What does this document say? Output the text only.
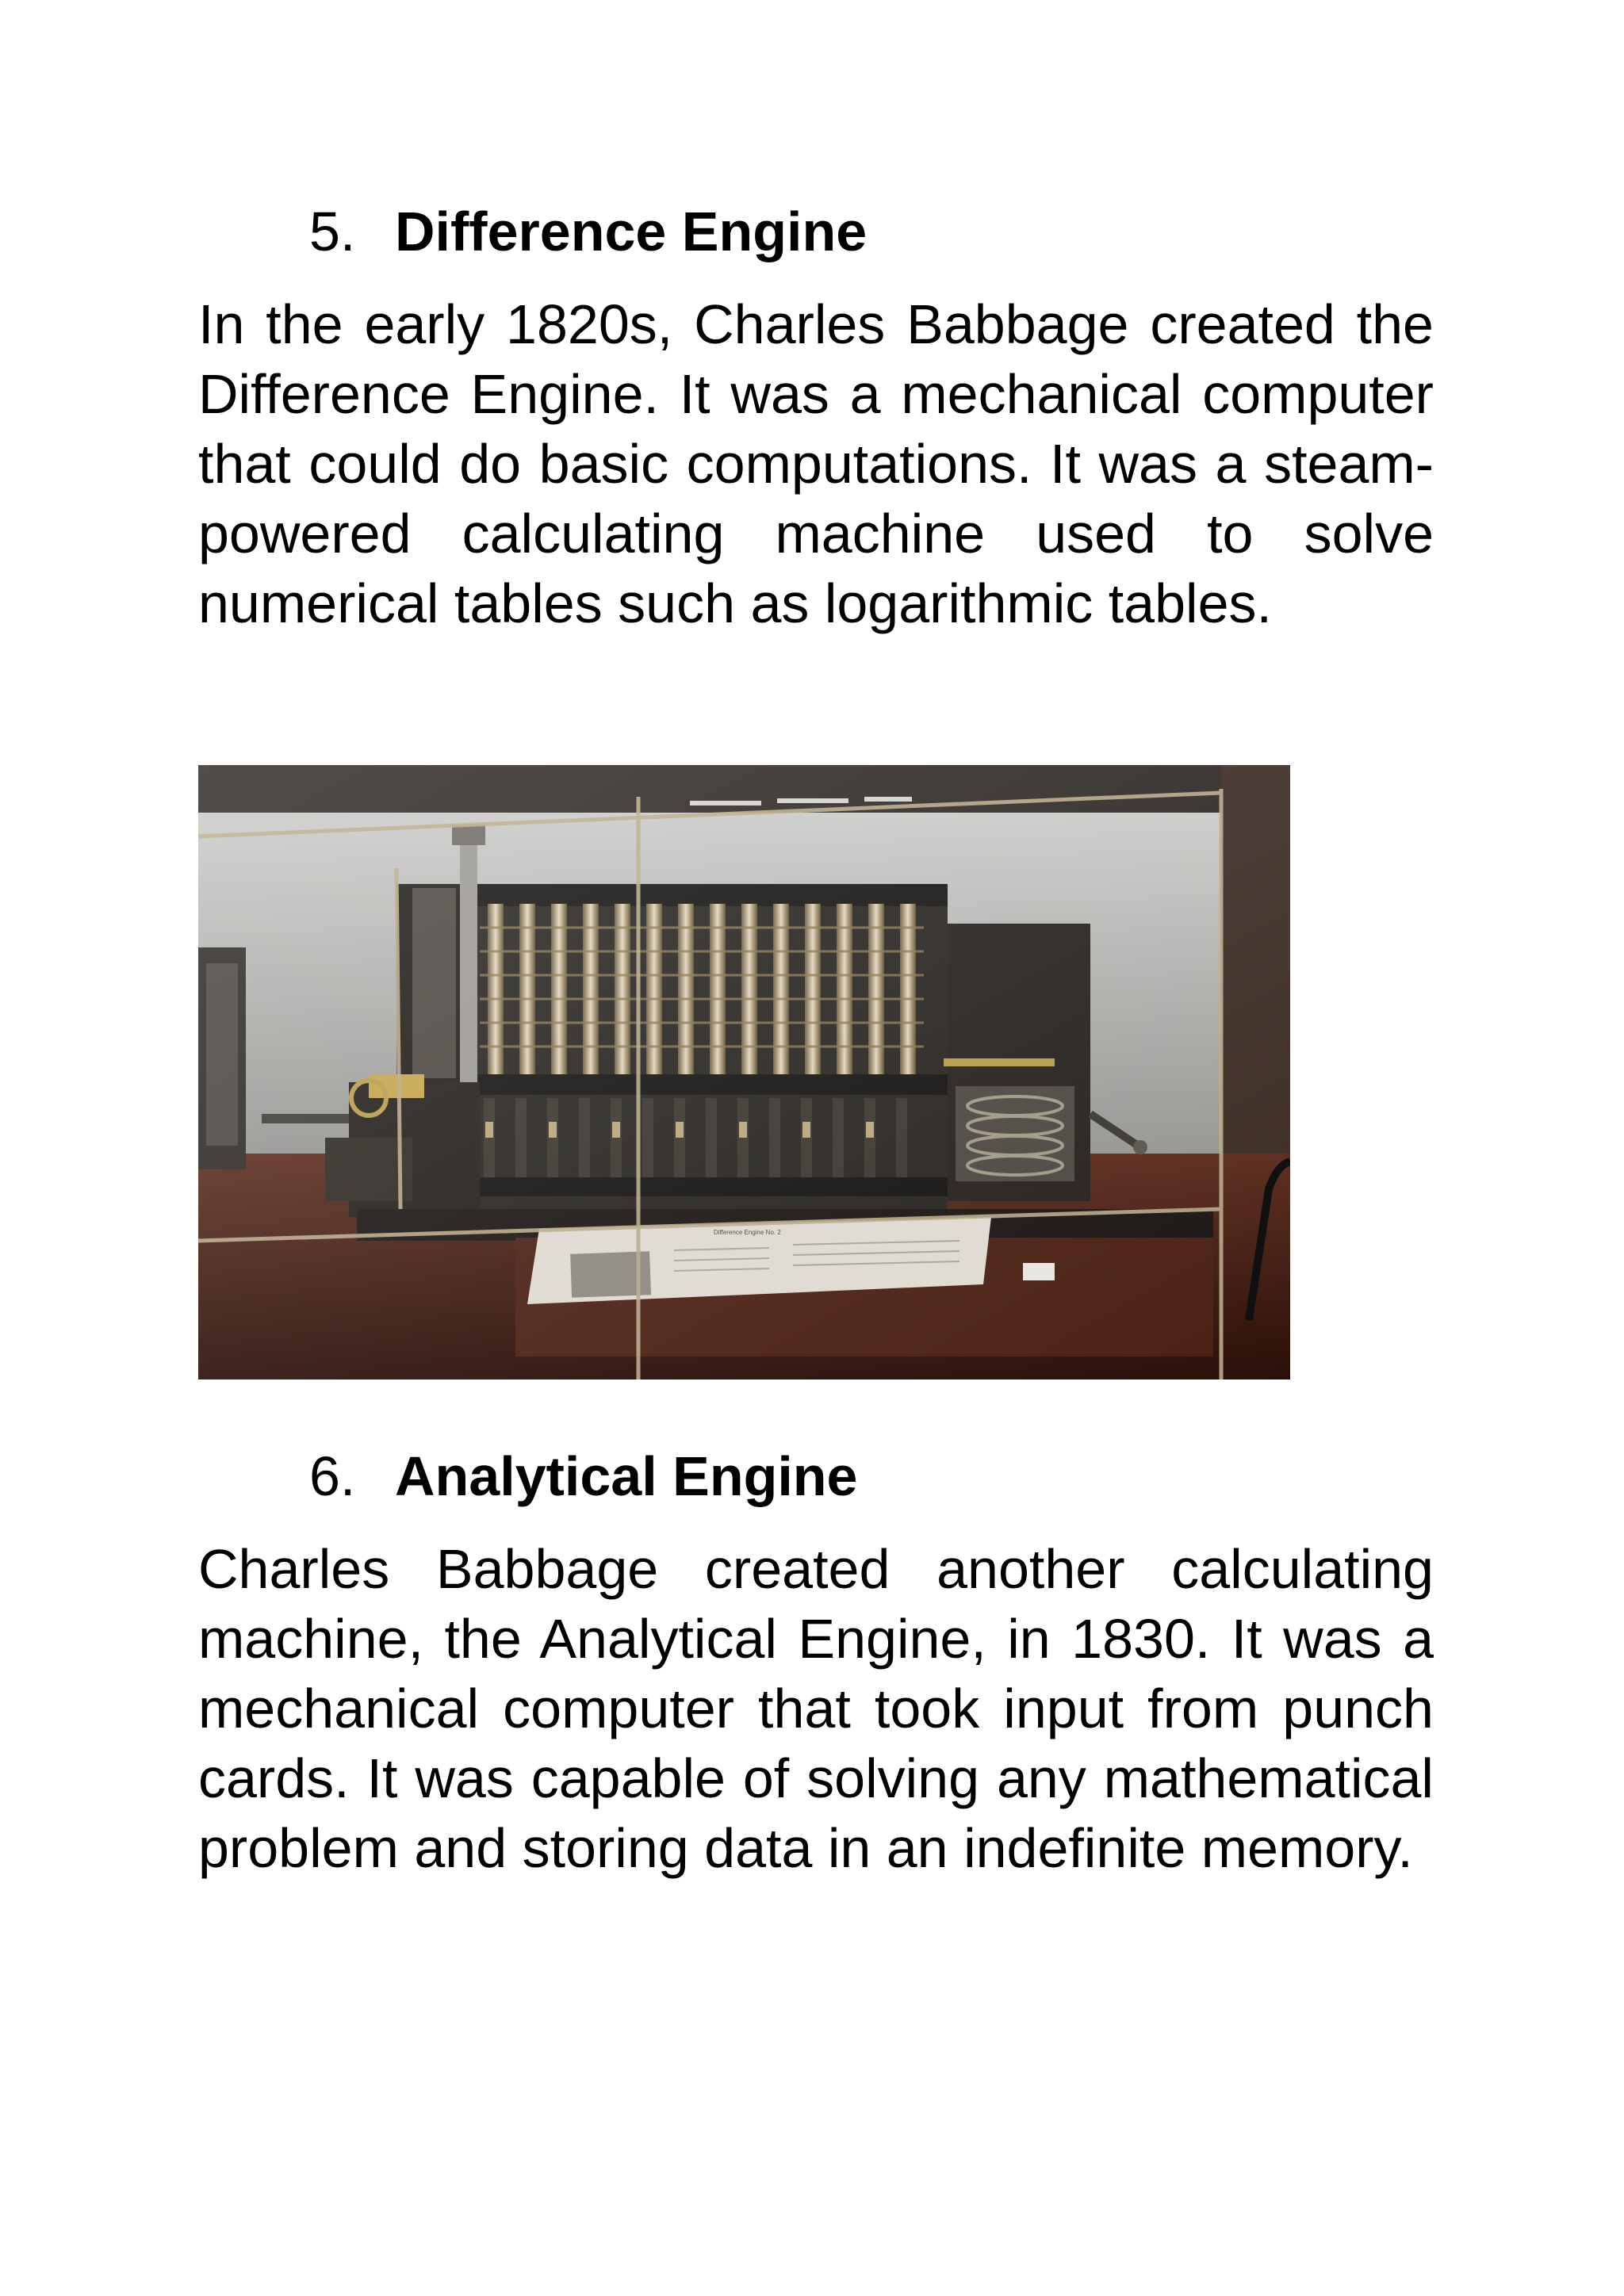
5. Difference Engine

In the early 1820s, Charles Babbage created the Difference Engine. It was a mechanical computer that could do basic computations. It was a steam-powered calculating machine used to solve numerical tables such as logarithmic tables.

6. Analytical Engine

Charles Babbage created another calculating machine, the Analytical Engine, in 1830. It was a mechanical computer that took input from punch cards. It was capable of solving any mathematical problem and storing data in an indefinite memory.
